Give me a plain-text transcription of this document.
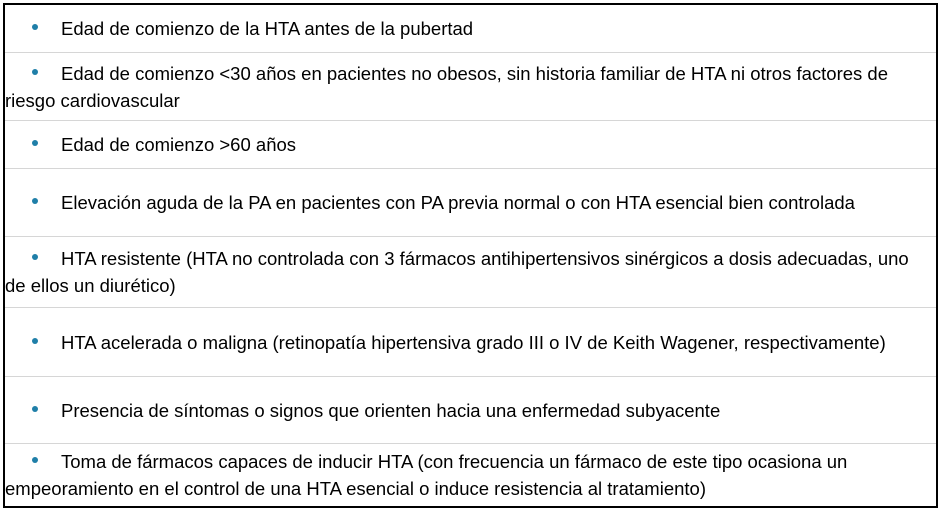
Edad de comienzo de la HTA antes de la pubertad
Edad de comienzo <30 años en pacientes no obesos, sin historia familiar de HTA ni otros factores de riesgo cardiovascular
Edad de comienzo >60 años
Elevación aguda de la PA en pacientes con PA previa normal o con HTA esencial bien controlada
HTA resistente (HTA no controlada con 3 fármacos antihipertensivos sinérgicos a dosis adecuadas, uno de ellos un diurético)
HTA acelerada o maligna (retinopatía hipertensiva grado III o IV de Keith Wagener, respectivamente)
Presencia de síntomas o signos que orienten hacia una enfermedad subyacente
Toma de fármacos capaces de inducir HTA (con frecuencia un fármaco de este tipo ocasiona un empeoramiento en el control de una HTA esencial o induce resistencia al tratamiento)
